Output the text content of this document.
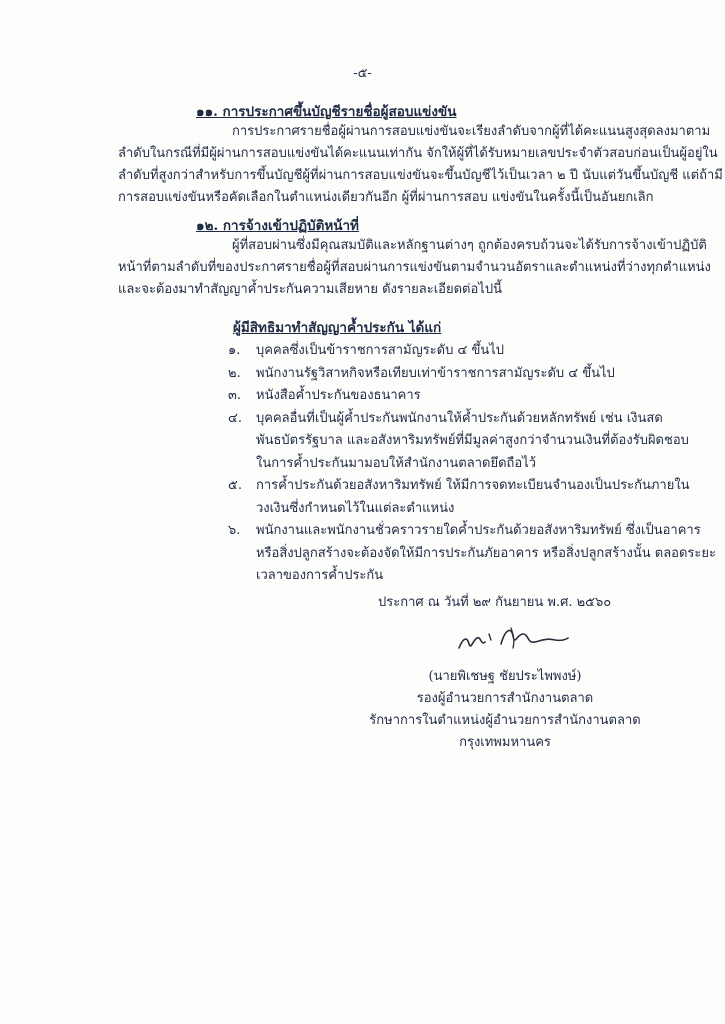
-๕-
๑๑. การประกาศขึ้นบัญชีรายชื่อผู้สอบแข่งขัน
การประกาศรายชื่อผู้ผ่านการสอบแข่งขันจะเรียงลำดับจากผู้ที่ได้คะแนนสูงสุดลงมาตาม
ลำดับในกรณีที่มีผู้ผ่านการสอบแข่งขันได้คะแนนเท่ากัน จักให้ผู้ที่ได้รับหมายเลขประจำตัวสอบก่อนเป็นผู้อยู่ใน
ลำดับที่สูงกว่าสำหรับการขึ้นบัญชีผู้ที่ผ่านการสอบแข่งขันจะขึ้นบัญชีไว้เป็นเวลา ๒ ปี นับแต่วันขึ้นบัญชี แต่ถ้ามี
การสอบแข่งขันหรือคัดเลือกในตำแหน่งเดียวกันอีก ผู้ที่ผ่านการสอบ แข่งขันในครั้งนี้เป็นอันยกเลิก
๑๒. การจ้างเข้าปฏิบัติหน้าที่
ผู้ที่สอบผ่านซึ่งมีคุณสมบัติและหลักฐานต่างๆ ถูกต้องครบถ้วนจะได้รับการจ้างเข้าปฏิบัติ
หน้าที่ตามลำดับที่ของประกาศรายชื่อผู้ที่สอบผ่านการแข่งขันตามจำนวนอัตราและตำแหน่งที่ว่างทุกตำแหน่ง
และจะต้องมาทำสัญญาค้ำประกันความเสียหาย ดังรายละเอียดต่อไปนี้
ผู้มีสิทธิมาทำสัญญาค้ำประกัน ได้แก่
๑. บุคคลซึ่งเป็นข้าราชการสามัญระดับ ๔ ขึ้นไป
๒. พนักงานรัฐวิสาหกิจหรือเทียบเท่าข้าราชการสามัญระดับ ๔ ขึ้นไป
๓. หนังสือค้ำประกันของธนาคาร
๔. บุคคลอื่นที่เป็นผู้ค้ำประกันพนักงานให้ค้ำประกันด้วยหลักทรัพย์ เช่น เงินสด
พันธบัตรรัฐบาล และอสังหาริมทรัพย์ที่มีมูลค่าสูงกว่าจำนวนเงินที่ต้องรับผิดชอบ
ในการค้ำประกันมามอบให้สำนักงานตลาดยึดถือไว้
๕. การค้ำประกันด้วยอสังหาริมทรัพย์ ให้มีการจดทะเบียนจำนองเป็นประกันภายใน
วงเงินซึ่งกำหนดไว้ในแต่ละตำแหน่ง
๖. พนักงานและพนักงานชั่วคราวรายใดค้ำประกันด้วยอสังหาริมทรัพย์ ซึ่งเป็นอาคาร
หรือสิ่งปลูกสร้างจะต้องจัดให้มีการประกันภัยอาคาร หรือสิ่งปลูกสร้างนั้น ตลอดระยะ
เวลาของการค้ำประกัน
ประกาศ ณ วันที่ ๒๙ กันยายน พ.ศ. ๒๕๖๐
(นายพิเชษฐ ชัยประไพพงษ์)
รองผู้อำนวยการสำนักงานตลาด
รักษาการในตำแหน่งผู้อำนวยการสำนักงานตลาด
กรุงเทพมหานคร
